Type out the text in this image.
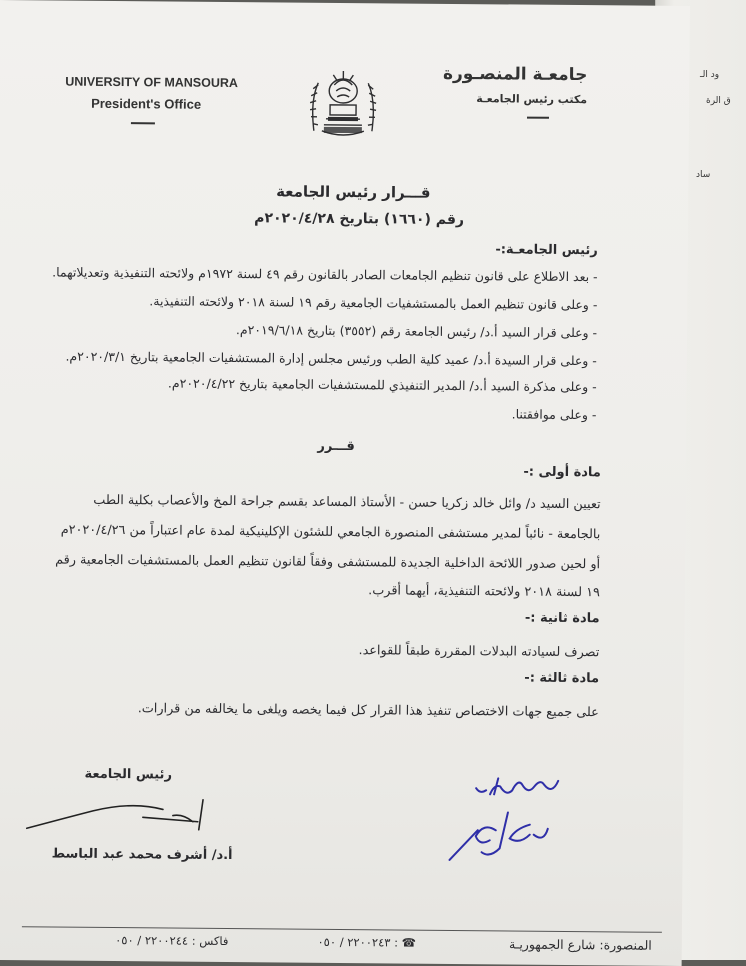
ود الـ
ق الرة
ساد
UNIVERSITY OF MANSOURA
President's Office
جامعـة المنصـورة
مكتب رئيس الجامعـة
قـــرار رئيس الجامعة
رقم (١٦٦٠) بتاريخ ٢٠٢٠/٤/٢٨م
رئيس الجامعـة:-
- بعد الاطلاع على قانون تنظيم الجامعات الصادر بالقانون رقم ٤٩ لسنة ١٩٧٢م ولائحته التنفيذية وتعديلاتهما.
- وعلى قانون تنظيم العمل بالمستشفيات الجامعية رقم ١٩ لسنة ٢٠١٨ ولائحته التنفيذية.
- وعلى قرار السيد أ.د/ رئيس الجامعة رقم (٣٥٥٢) بتاريخ ٢٠١٩/٦/١٨م.
- وعلى قرار السيدة أ.د/ عميد كلية الطب ورئيس مجلس إدارة المستشفيات الجامعية بتاريخ ٢٠٢٠/٣/١م.
- وعلى مذكرة السيد أ.د/ المدير التنفيذي للمستشفيات الجامعية بتاريخ ٢٠٢٠/٤/٢٢م.
- وعلى موافقتنا.
قـــرر
مادة أولى :-
تعيين السيد د/ وائل خالد زكريا حسن - الأستاذ المساعد بقسم جراحة المخ والأعصاب بكلية الطب
بالجامعة - نائباً لمدير مستشفى المنصورة الجامعي للشئون الإكلينيكية لمدة عام اعتباراً من ٢٠٢٠/٤/٢٦م
أو لحين صدور اللائحة الداخلية الجديدة للمستشفى وفقاً لقانون تنظيم العمل بالمستشفيات الجامعية رقم
١٩ لسنة ٢٠١٨ ولائحته التنفيذية، أيهما أقرب.
مادة ثانية :-
تصرف لسيادته البدلات المقررة طبقاً للقواعد.
مادة ثالثة :-
على جميع جهات الاختصاص تنفيذ هذا القرار كل فيما يخصه ويلغى ما يخالفه من قرارات.
رئيس الجامعة
أ.د/ أشرف محمد عبد الباسط
المنصورة: شارع الجمهوريـة
☎ : ٢٢٠٠٢٤٣ / ٠٥٠
فاكس : ٢٢٠٠٢٤٤ / ٠٥٠
